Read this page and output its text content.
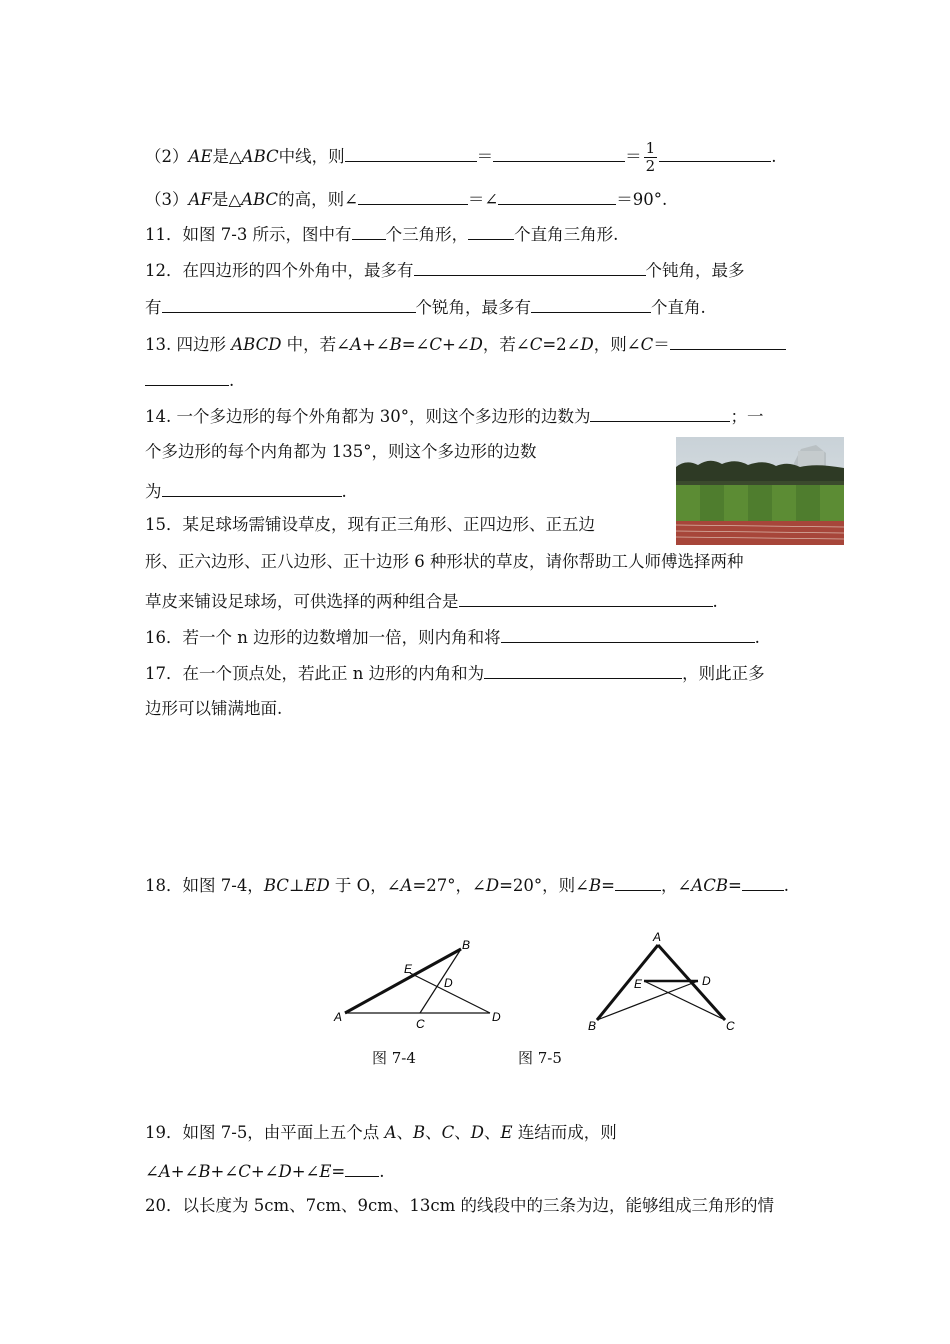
（2）AE是△ABC中线，则	＝	＝ $\frac{1}{2}$	.
（3）AF是△ABC的高，则∠	＝∠	＝90°.
11．如图 7-3 所示，图中有 个三角形，	个直角三角形.
12．在四边形的四个外角中，最多有	个钝角，最多
有	个锐角，最多有	个直角.
13. 四边形 ABCD 中，若∠A+∠B=∠C+∠D，若∠C=2∠D，则∠C＝
.
14. 一个多边形的每个外角都为 30°，则这个多边形的边数为	；一
个多边形的每个内角都为 135°，则这个多边形的边数
为	.
15．某足球场需铺设草皮，现有正三角形、正四边形、正五边
形、正六边形、正八边形、正十边形 6 种形状的草皮，请你帮助工人师傅选择两种
草皮来铺设足球场，可供选择的两种组合是	.
16．若一个 n 边形的边数增加一倍，则内角和将	.
17．在一个顶点处，若此正 n 边形的内角和为	，则此正多
边形可以铺满地面.
18．如图 7-4，BC⊥ED 于 O，∠A=27°，∠D=20°，则∠B=	，∠ACB=	.
A
B
C	D
E
D
A
B	C
D
E
图 7-4	图 7-5
19．如图 7-5，由平面上五个点 A、B、C、D、E 连结而成，则
∠A+∠B+∠C+∠D+∠E= .
20．以长度为 5cm、7cm、9cm、13cm 的线段中的三条为边，能够组成三角形的情
